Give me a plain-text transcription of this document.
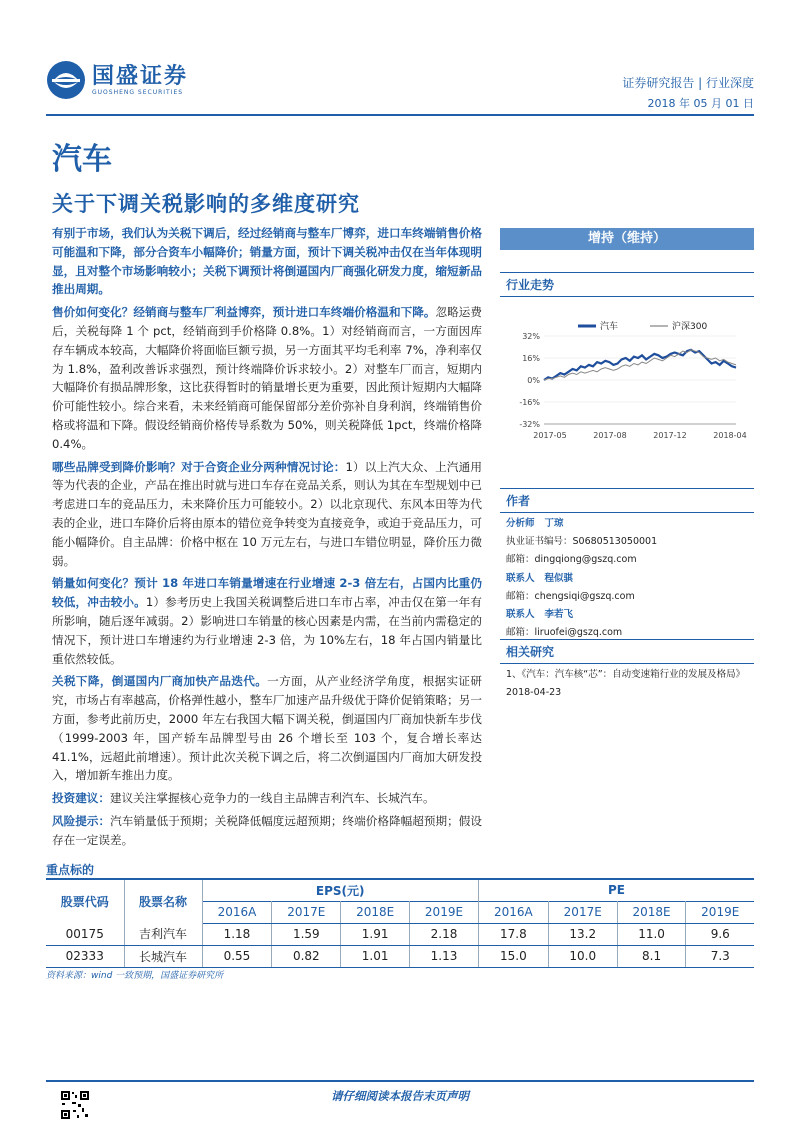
国盛证券
GUOSHENG SECURITIES
证券研究报告 | 行业深度
2018 年 05 月 01 日
汽车
关于下调关税影响的多维度研究

有别于市场，我们认为关税下调后，经过经销商与整车厂博弈，进口车终端销售价格可能温和下降，部分合资车小幅降价；销量方面，预计下调关税冲击仅在当年体现明显，且对整个市场影响较小；关税下调预计将倒逼国内厂商强化研发力度，缩短新品推出周期。

售价如何变化？经销商与整车厂利益博弈，预计进口车终端价格温和下降。忽略运费后，关税每降 1 个 pct，经销商到手价格降 0.8%。1）对经销商而言，一方面因库存车辆成本较高，大幅降价将面临巨额亏损，另一方面其平均毛利率 7%，净利率仅为 1.8%，盈利改善诉求强烈，预计终端降价诉求较小。2）对整车厂而言，短期内大幅降价有损品牌形象，这比获得暂时的销量增长更为重要，因此预计短期内大幅降价可能性较小。综合来看，未来经销商可能保留部分差价弥补自身利润，终端销售价格或将温和下降。假设经销商价格传导系数为 50%，则关税降低 1pct，终端价格降 0.4%。

哪些品牌受到降价影响？对于合资企业分两种情况讨论：1）以上汽大众、上汽通用等为代表的企业，产品在推出时就与进口车存在竞品关系，则认为其在车型规划中已考虑进口车的竞品压力，未来降价压力可能较小。2）以北京现代、东风本田等为代表的企业，进口车降价后将由原本的错位竞争转变为直接竞争，或迫于竞品压力，可能小幅降价。自主品牌：价格中枢在 10 万元左右，与进口车错位明显，降价压力微弱。

销量如何变化？预计 18 年进口车销量增速在行业增速 2-3 倍左右，占国内比重仍较低，冲击较小。1）参考历史上我国关税调整后进口车市占率，冲击仅在第一年有所影响，随后逐年减弱。2）影响进口车销量的核心因素是内需，在当前内需稳定的情况下，预计进口车增速约为行业增速 2-3 倍，为 10%左右，18 年占国内销量比重依然较低。

关税下降，倒逼国内厂商加快产品迭代。一方面，从产业经济学角度，根据实证研究，市场占有率越高，价格弹性越小，整车厂加速产品升级优于降价促销策略；另一方面，参考此前历史，2000 年左右我国大幅下调关税，倒逼国内厂商加快新车步伐（1999-2003 年，国产轿车品牌型号由 26 个增长至 103 个，复合增长率达 41.1%，远超此前增速）。预计此次关税下调之后，将二次倒逼国内厂商加大研发投入，增加新车推出力度。

投资建议：建议关注掌握核心竞争力的一线自主品牌吉利汽车、长城汽车。

风险提示：汽车销量低于预期；关税降低幅度远超预期；终端价格降幅超预期；假设存在一定误差。

增持（维持）
行业走势
32%
16%
0%
-16%
-32%
2017-05	2017-08	2017-12	2018-04
汽车	沪深300
作者
分析师 丁琼
执业证书编号：S0680513050001
邮箱：dingqiong@gszq.com
联系人 程似骐
邮箱：chengsiqi@gszq.com
联系人 李若飞
邮箱：liruofei@gszq.com
相关研究
1、《汽车：汽车核“芯”：自动变速箱行业的发展及格局》2018-04-23
重点标的
股票代码	股票名称	EPS(元)				PE			
		2016A	2017E	2018E	2019E	2016A	2017E	2018E	2019E
00175	吉利汽车	1.18	1.59	1.91	2.18	17.8	13.2	11.0	9.6
02333	长城汽车	0.55	0.82	1.01	1.13	15.0	10.0	8.1	7.3
资料来源：wind 一致预期，国盛证券研究所
请仔细阅读本报告末页声明
